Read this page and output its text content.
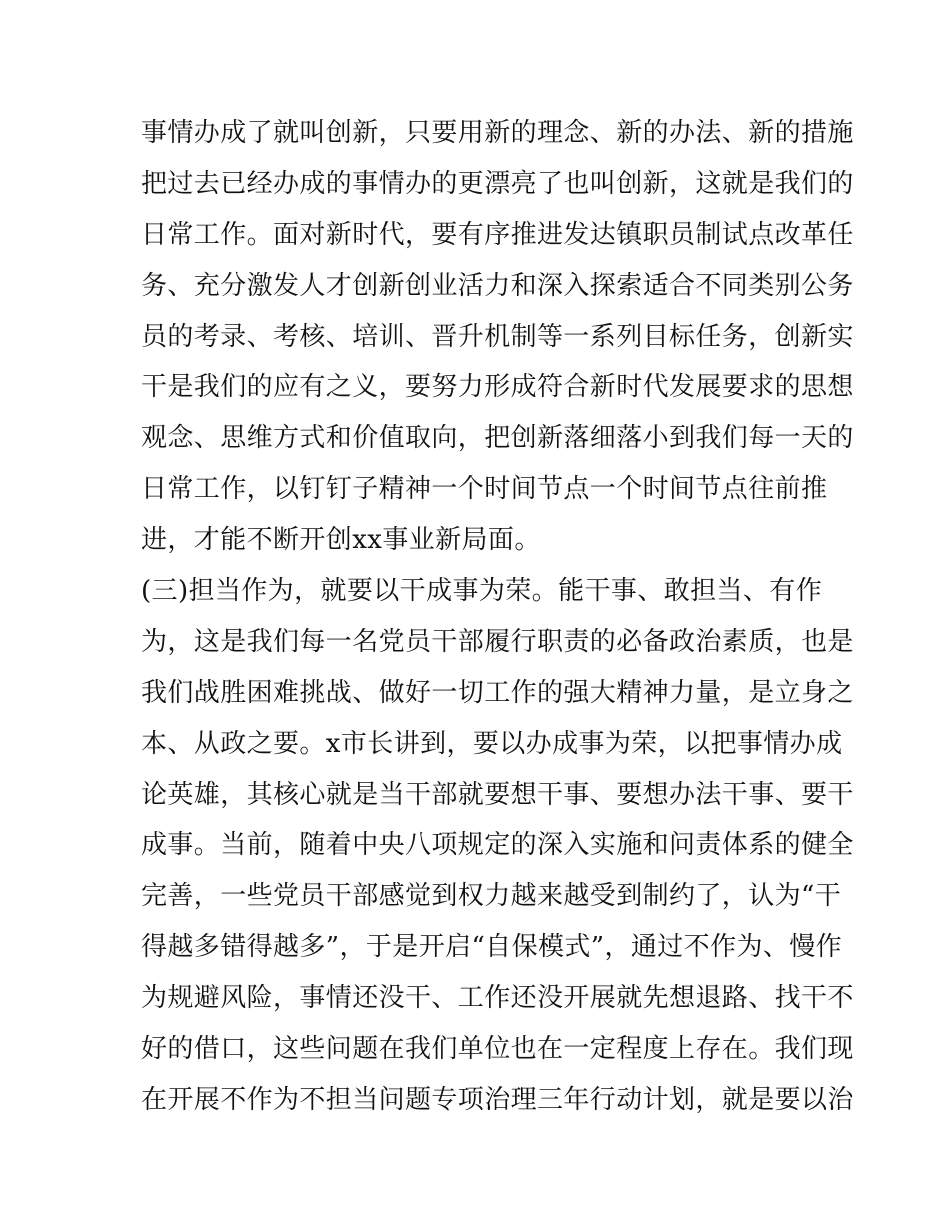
事情办成了就叫创新，只要用新的理念、新的办法、新的措施
把过去已经办成的事情办的更漂亮了也叫创新，这就是我们的
日常工作。面对新时代，要有序推进发达镇职员制试点改革任
务、充分激发人才创新创业活力和深入探索适合不同类别公务
员的考录、考核、培训、晋升机制等一系列目标任务，创新实
干是我们的应有之义，要努力形成符合新时代发展要求的思想
观念、思维方式和价值取向，把创新落细落小到我们每一天的
日常工作，以钉钉子精神一个时间节点一个时间节点往前推
进，才能不断开创xx事业新局面。
(三)担当作为，就要以干成事为荣。能干事、敢担当、有作
为，这是我们每一名党员干部履行职责的必备政治素质，也是
我们战胜困难挑战、做好一切工作的强大精神力量，是立身之
本、从政之要。x市长讲到，要以办成事为荣，以把事情办成
论英雄，其核心就是当干部就要想干事、要想办法干事、要干
成事。当前，随着中央八项规定的深入实施和问责体系的健全
完善，一些党员干部感觉到权力越来越受到制约了，认为“干
得越多错得越多”，于是开启“自保模式”，通过不作为、慢作
为规避风险，事情还没干、工作还没开展就先想退路、找干不
好的借口，这些问题在我们单位也在一定程度上存在。我们现
在开展不作为不担当问题专项治理三年行动计划，就是要以治
